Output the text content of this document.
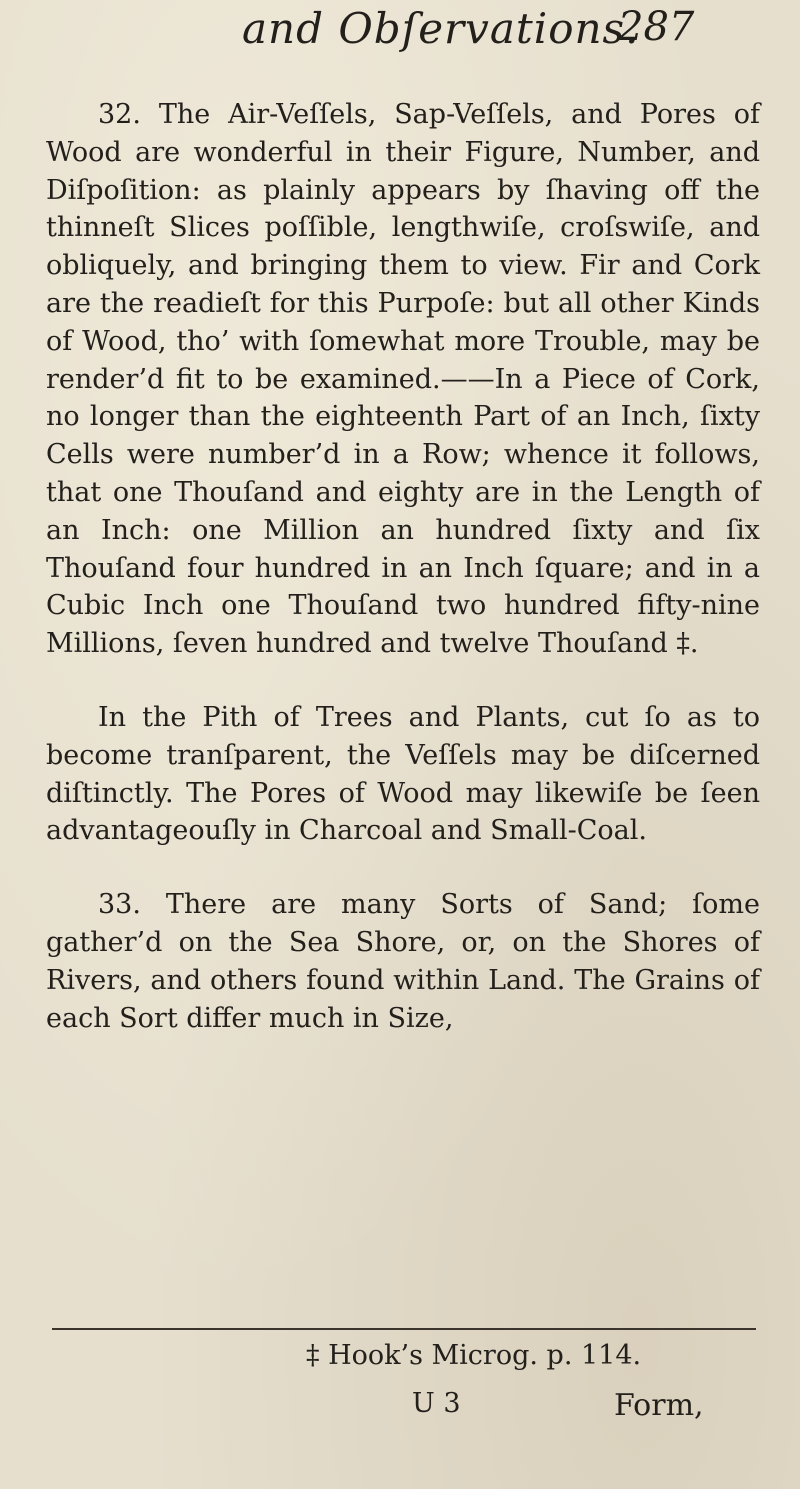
and Obſervations.
287

32. The Air-Veſſels, Sap-Veſſels, and Pores of Wood are wonderful in their Figure, Number, and Diſpoſition: as plainly appears by ſhaving off the thinneſt Slices poſſible, lengthwiſe, croſswiſe, and obliquely, and bringing them to view. Fir and Cork are the readieſt for this Purpoſe: but all other Kinds of Wood, tho’ with ſomewhat more Trouble, may be render’d fit to be examined.——In a Piece of Cork, no longer than the eighteenth Part of an Inch, ſixty Cells were number’d in a Row; whence it follows, that one Thouſand and eighty are in the Length of an Inch: one Million an hundred ſixty and ſix Thouſand four hundred in an Inch ſquare; and in a Cubic Inch one Thouſand two hundred fifty-nine Millions, ſeven hundred and twelve Thouſand ‡.

In the Pith of Trees and Plants, cut ſo as to become tranſparent, the Veſſels may be diſcerned diſtinctly. The Pores of Wood may likewiſe be ſeen advantageouſly in Charcoal and Small-Coal.

33. There are many Sorts of Sand; ſome gather’d on the Sea Shore, or, on the Shores of Rivers, and others found within Land. The Grains of each Sort differ much in Size,

‡ Hook’s Microg. p. 114.
U 3	Form,
